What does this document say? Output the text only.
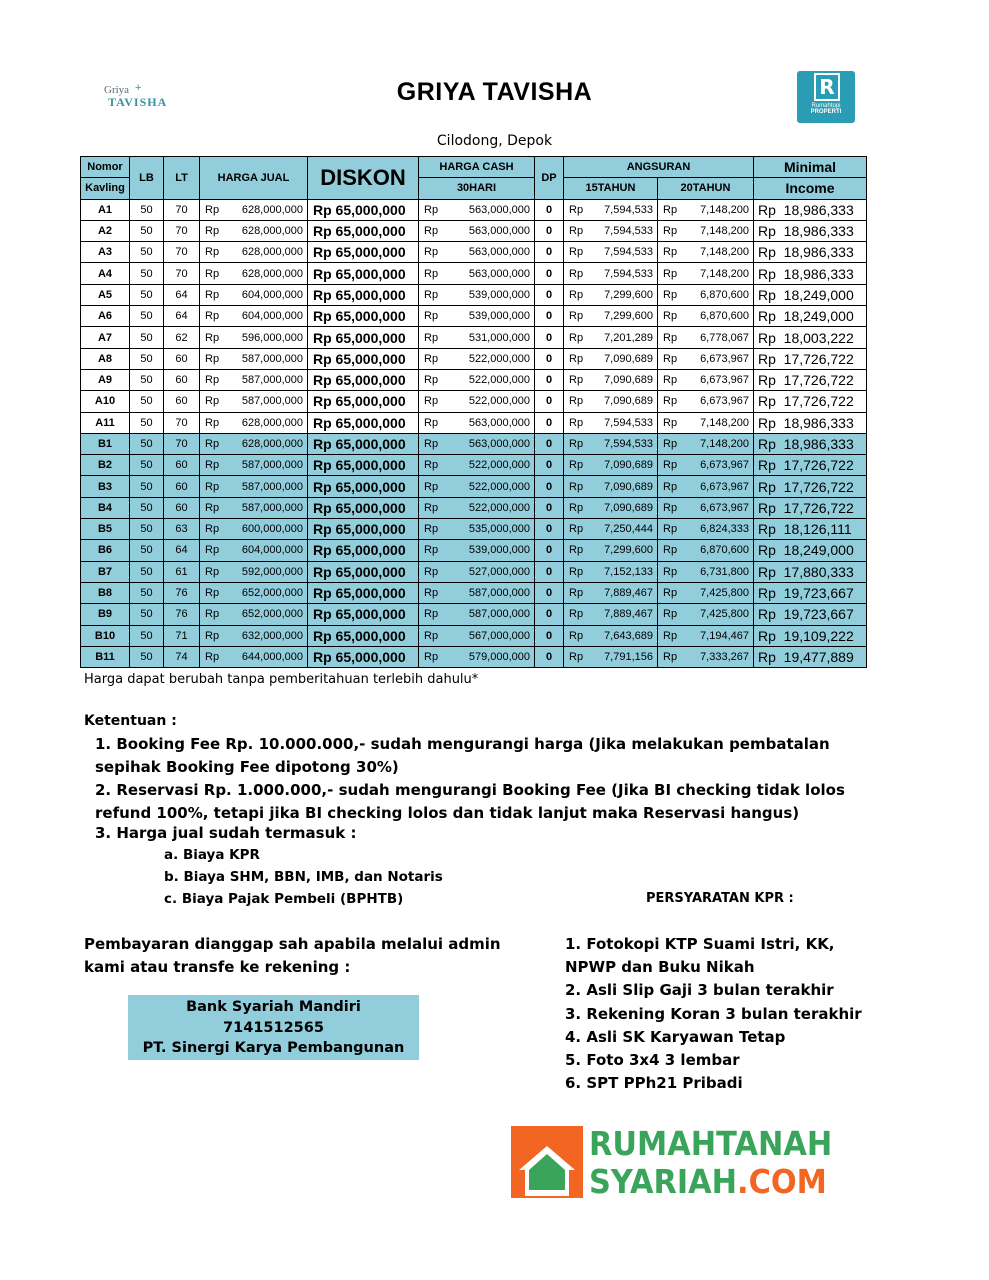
Griya +
TAVISHA	GRIYA TAVISHA
Cilodong, Depok
R
Rumahtopi
PROPERTI
Nomor	LB	LT	HARGA JUAL	DISKON	HARGA CASH	DP	ANGSURAN		Minimal
Kavling					30HARI		15TAHUN	20TAHUN	Income
A1	50	70	Rp 628,000,000	Rp 65,000,000	Rp 563,000,000	0	Rp 7,594,533	Rp 7,148,200	Rp  18,986,333
A2	50	70	Rp 628,000,000	Rp 65,000,000	Rp 563,000,000	0	Rp 7,594,533	Rp 7,148,200	Rp  18,986,333
A3	50	70	Rp 628,000,000	Rp 65,000,000	Rp 563,000,000	0	Rp 7,594,533	Rp 7,148,200	Rp  18,986,333
A4	50	70	Rp 628,000,000	Rp 65,000,000	Rp 563,000,000	0	Rp 7,594,533	Rp 7,148,200	Rp  18,986,333
A5	50	64	Rp 604,000,000	Rp 65,000,000	Rp 539,000,000	0	Rp 7,299,600	Rp 6,870,600	Rp  18,249,000
A6	50	64	Rp 604,000,000	Rp 65,000,000	Rp 539,000,000	0	Rp 7,299,600	Rp 6,870,600	Rp  18,249,000
A7	50	62	Rp 596,000,000	Rp 65,000,000	Rp 531,000,000	0	Rp 7,201,289	Rp 6,778,067	Rp  18,003,222
A8	50	60	Rp 587,000,000	Rp 65,000,000	Rp 522,000,000	0	Rp 7,090,689	Rp 6,673,967	Rp  17,726,722
A9	50	60	Rp 587,000,000	Rp 65,000,000	Rp 522,000,000	0	Rp 7,090,689	Rp 6,673,967	Rp  17,726,722
A10	50	60	Rp 587,000,000	Rp 65,000,000	Rp 522,000,000	0	Rp 7,090,689	Rp 6,673,967	Rp  17,726,722
A11	50	70	Rp 628,000,000	Rp 65,000,000	Rp 563,000,000	0	Rp 7,594,533	Rp 7,148,200	Rp  18,986,333
B1	50	70	Rp 628,000,000	Rp 65,000,000	Rp 563,000,000	0	Rp 7,594,533	Rp 7,148,200	Rp  18,986,333
B2	50	60	Rp 587,000,000	Rp 65,000,000	Rp 522,000,000	0	Rp 7,090,689	Rp 6,673,967	Rp  17,726,722
B3	50	60	Rp 587,000,000	Rp 65,000,000	Rp 522,000,000	0	Rp 7,090,689	Rp 6,673,967	Rp  17,726,722
B4	50	60	Rp 587,000,000	Rp 65,000,000	Rp 522,000,000	0	Rp 7,090,689	Rp 6,673,967	Rp  17,726,722
B5	50	63	Rp 600,000,000	Rp 65,000,000	Rp 535,000,000	0	Rp 7,250,444	Rp 6,824,333	Rp  18,126,111
B6	50	64	Rp 604,000,000	Rp 65,000,000	Rp 539,000,000	0	Rp 7,299,600	Rp 6,870,600	Rp  18,249,000
B7	50	61	Rp 592,000,000	Rp 65,000,000	Rp 527,000,000	0	Rp 7,152,133	Rp 6,731,800	Rp  17,880,333
B8	50	76	Rp 652,000,000	Rp 65,000,000	Rp 587,000,000	0	Rp 7,889,467	Rp 7,425,800	Rp  19,723,667
B9	50	76	Rp 652,000,000	Rp 65,000,000	Rp 587,000,000	0	Rp 7,889,467	Rp 7,425,800	Rp  19,723,667
B10	50	71	Rp 632,000,000	Rp 65,000,000	Rp 567,000,000	0	Rp 7,643,689	Rp 7,194,467	Rp  19,109,222
B11	50	74	Rp 644,000,000	Rp 65,000,000	Rp 579,000,000	0	Rp 7,791,156	Rp 7,333,267	Rp  19,477,889
Harga dapat berubah tanpa pemberitahuan terlebih dahulu*
Ketentuan :
1. Booking Fee Rp. 10.000.000,- sudah mengurangi harga (Jika melakukan pembatalan sepihak Booking Fee dipotong 30%)
2. Reservasi Rp. 1.000.000,- sudah mengurangi Booking Fee (Jika BI checking tidak lolos refund 100%, tetapi jika BI checking lolos dan tidak lanjut maka Reservasi hangus)
3. Harga jual sudah termasuk :
a. Biaya KPR
b. Biaya SHM, BBN, IMB, dan Notaris
c. Biaya Pajak Pembeli (BPHTB)	PERSYARATAN KPR :
Pembayaran dianggap sah apabila melalui admin kami atau transfe ke rekening :
Bank Syariah Mandiri
7141512565
PT. Sinergi Karya Pembangunan
1. Fotokopi KTP Suami Istri, KK, NPWP dan Buku Nikah
2. Asli Slip Gaji 3 bulan terakhir
3. Rekening Koran 3 bulan terakhir
4. Asli SK Karyawan Tetap
5. Foto 3x4 3 lembar
6. SPT PPh21 Pribadi
RUMAHTANAH
SYARIAH.COM
